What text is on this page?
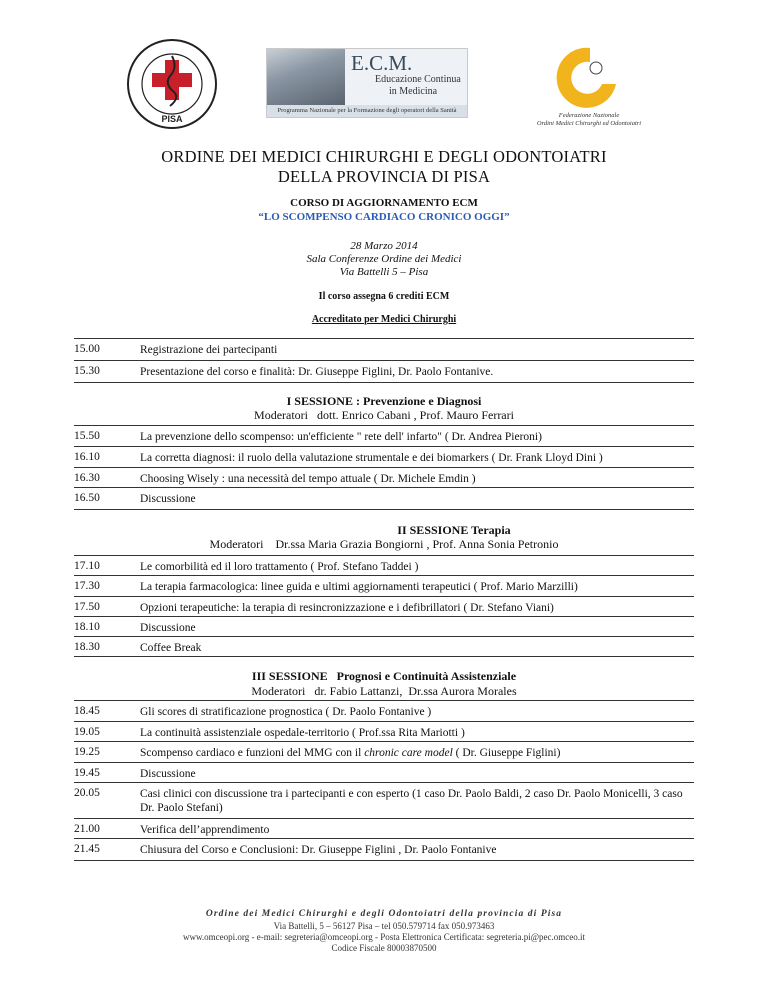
PISA
E.C.M.
Educazione Continua
in Medicina
Programma Nazionale per la Formazione degli operatori della Sanità
Federazione Nazionale
Ordini Medici Chirurghi ed Odontoiatri
ORDINE DEI MEDICI CHIRURGHI E DEGLI ODONTOIATRI
DELLA PROVINCIA DI PISA
CORSO DI AGGIORNAMENTO ECM
“LO SCOMPENSO CARDIACO CRONICO OGGI”
28 Marzo 2014
Sala Conferenze Ordine dei Medici
Via Battelli 5 – Pisa
Il corso assegna 6 crediti ECM
Accreditato per Medici Chirurghi
15.00	Registrazione dei partecipanti
15.30	Presentazione del corso e finalità: Dr. Giuseppe Figlini, Dr. Paolo Fontanive.
I SESSIONE : Prevenzione e Diagnosi
Moderatori   dott. Enrico Cabani , Prof. Mauro Ferrari
15.50	La prevenzione dello scompenso: un'efficiente " rete dell' infarto" ( Dr. Andrea Pieroni)
16.10	La corretta diagnosi: il ruolo della valutazione strumentale e dei biomarkers ( Dr. Frank Lloyd Dini )
16.30	Choosing Wisely : una necessità del tempo attuale ( Dr. Michele Emdin )
16.50	Discussione
II SESSIONE Terapia
Moderatori    Dr.ssa Maria Grazia Bongiorni , Prof. Anna Sonia Petronio
17.10	Le comorbilità ed il loro trattamento ( Prof. Stefano Taddei )
17.30	La terapia farmacologica: linee guida e ultimi aggiornamenti terapeutici ( Prof. Mario Marzilli)
17.50	Opzioni terapeutiche: la terapia di resincronizzazione e i defibrillatori ( Dr. Stefano Viani)
18.10	Discussione
18.30	Coffee Break
III SESSIONE   Prognosi e Continuità Assistenziale
Moderatori   dr. Fabio Lattanzi,  Dr.ssa Aurora Morales
18.45	Gli scores di stratificazione prognostica ( Dr. Paolo Fontanive )
19.05	La continuità assistenziale ospedale-territorio ( Prof.ssa Rita Mariotti )
19.25	Scompenso cardiaco e funzioni del MMG con il chronic care model ( Dr. Giuseppe Figlini)
19.45	Discussione
20.05	Casi clinici con discussione tra i partecipanti e con esperto (1 caso Dr. Paolo Baldi, 2 caso Dr. Paolo Monicelli, 3 caso Dr. Paolo Stefani)
21.00	Verifica dell’apprendimento
21.45	Chiusura del Corso e Conclusioni: Dr. Giuseppe Figlini , Dr. Paolo Fontanive
Ordine dei Medici Chirurghi e degli Odontoiatri della provincia di Pisa
Via Battelli, 5 – 56127 Pisa – tel 050.579714 fax 050.973463
www.omceopi.org - e-mail: segreteria@omceopi.org - Posta Elettronica Certificata: segreteria.pi@pec.omceo.it
Codice Fiscale 80003870500
